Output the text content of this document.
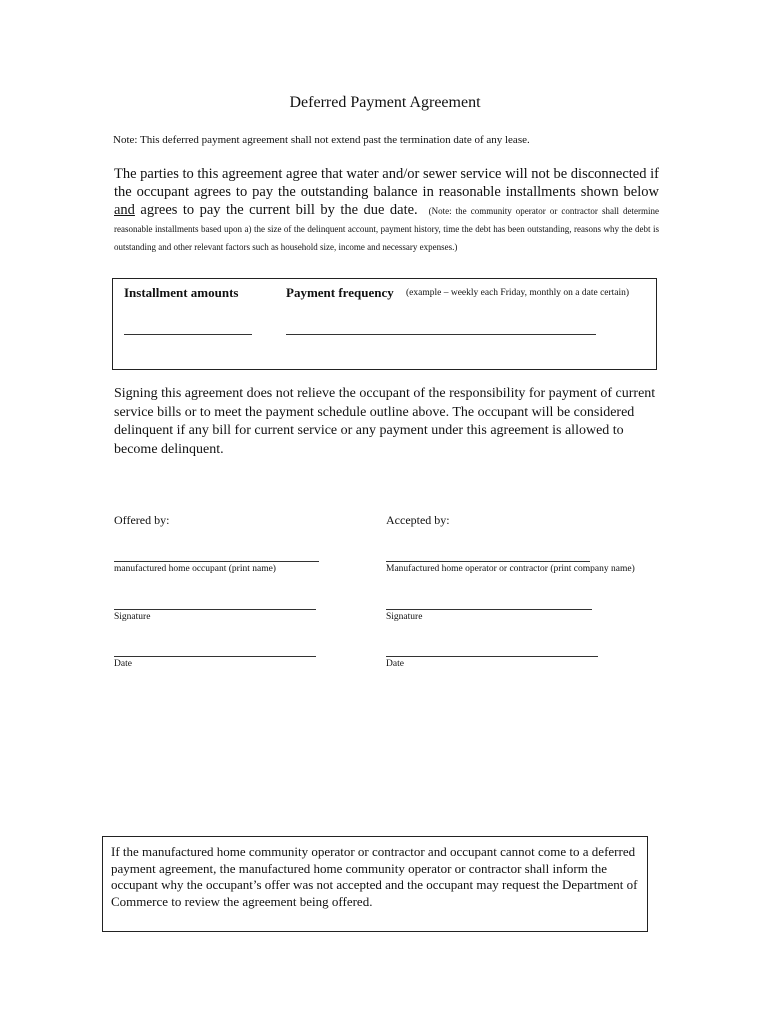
Deferred Payment Agreement
Note: This deferred payment agreement shall not extend past the termination date of any lease.
The parties to this agreement agree that water and/or sewer service will not be disconnected if the occupant agrees to pay the outstanding balance in reasonable installments shown below and agrees to pay the current bill by the due date. (Note: the community operator or contractor shall determine reasonable installments based upon a) the size of the delinquent account, payment history, time the debt has been outstanding, reasons why the debt is outstanding and other relevant factors such as household size, income and necessary expenses.)
Installment amounts	Payment frequency (example – weekly each Friday, monthly on a date certain)
Signing this agreement does not relieve the occupant of the responsibility for payment of current service bills or to meet the payment schedule outline above. The occupant will be considered delinquent if any bill for current service or any payment under this agreement is allowed to become delinquent.
Offered by:	Accepted by:
manufactured home occupant (print name)	Manufactured home operator or contractor (print company name)
Signature	Signature
Date	Date
If the manufactured home community operator or contractor and occupant cannot come to a deferred payment agreement, the manufactured home community operator or contractor shall inform the occupant why the occupant’s offer was not accepted and the occupant may request the Department of Commerce to review the agreement being offered.
